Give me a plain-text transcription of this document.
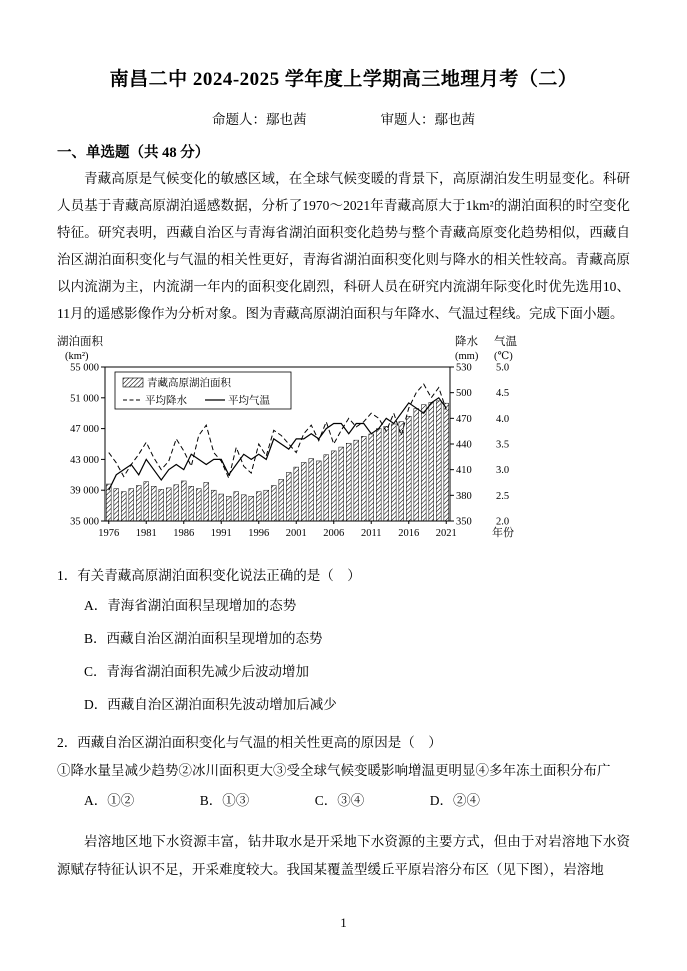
南昌二中 2024-2025 学年度上学期高三地理月考（二）
命题人：鄢也茜	审题人：鄢也茜
一、单选题（共 48 分）
青藏高原是气候变化的敏感区域，在全球气候变暖的背景下，高原湖泊发生明显变化。科研人员基于青藏高原湖泊遥感数据，分析了1970～2021年青藏高原大于1km²的湖泊面积的时空变化特征。研究表明，西藏自治区与青海省湖泊面积变化趋势与整个青藏高原变化趋势相似，西藏自治区湖泊面积变化与气温的相关性更好，青海省湖泊面积变化则与降水的相关性较高。青藏高原以内流湖为主，内流湖一年内的面积变化剧烈，科研人员在研究内流湖年际变化时优先选用10、11月的遥感影像作为分析对象。图为青藏高原湖泊面积与年降水、气温过程线。完成下面小题。
湖泊面积
(km²)
降水
(mm)
气温
(℃)
35 000
39 000
43 000
47 000
51 000
55 000
350
380
410
440
470
500
530
2.0
2.5
3.0
3.5
4.0
4.5
5.0
1976 1981 1986 1991 1996 2001 2006 2011 2016 2021	年份
青藏高原湖泊面积
平均降水	平均气温
1．有关青藏高原湖泊面积变化说法正确的是（　）
A．青海省湖泊面积呈现增加的态势
B．西藏自治区湖泊面积呈现增加的态势
C．青海省湖泊面积先减少后波动增加
D．西藏自治区湖泊面积先波动增加后减少
2．西藏自治区湖泊面积变化与气温的相关性更高的原因是（　）
①降水量呈减少趋势②冰川面积更大③受全球气候变暖影响增温更明显④多年冻土面积分布广
A．①②	B．①③	C．③④	D．②④
岩溶地区地下水资源丰富，钻井取水是开采地下水资源的主要方式，但由于对岩溶地下水资源赋存特征认识不足，开采难度较大。我国某覆盖型缓丘平原岩溶分布区（见下图），岩溶地
1
